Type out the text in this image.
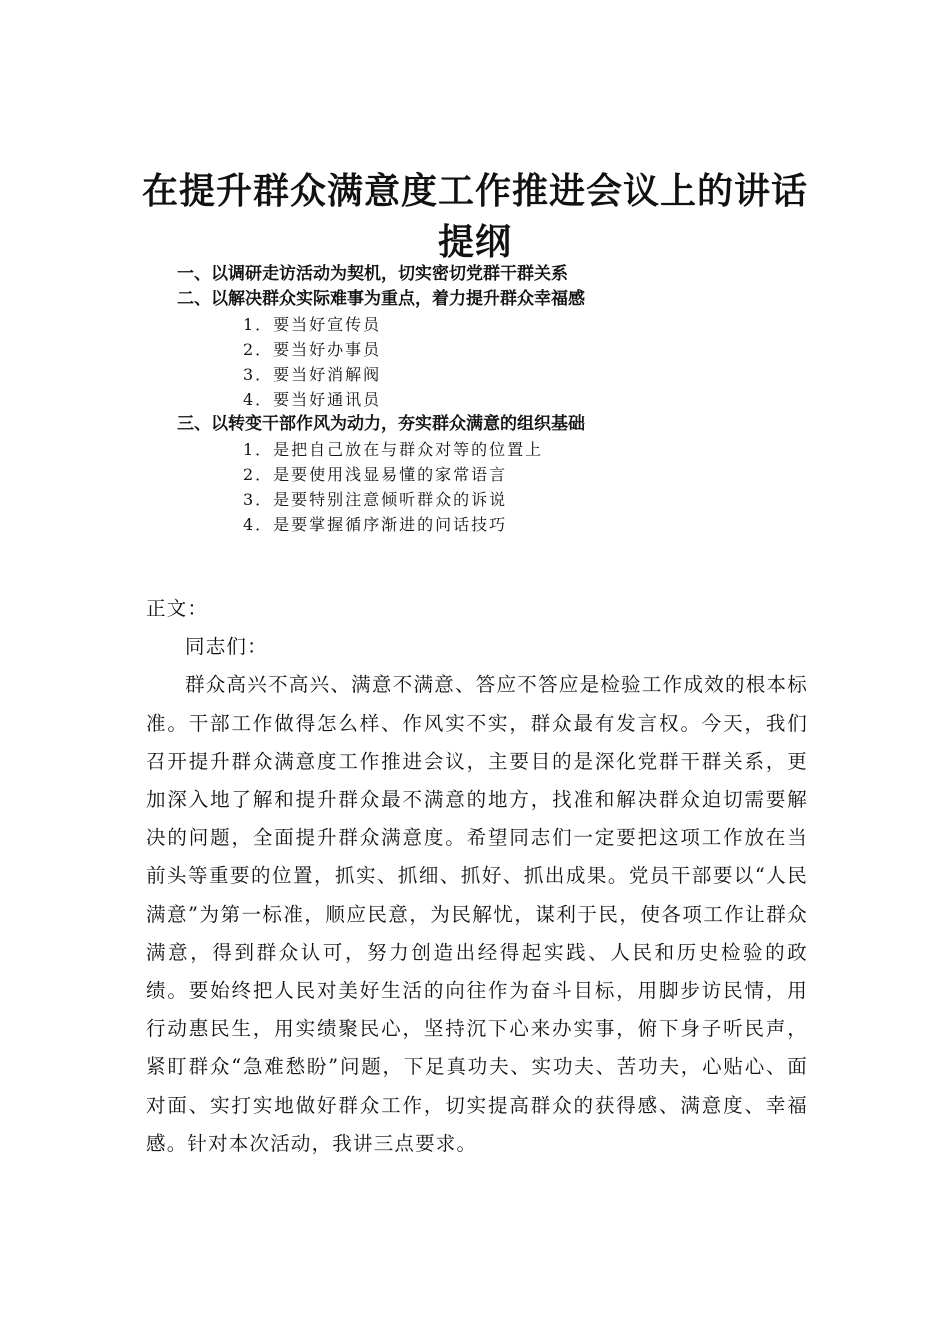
在提升群众满意度工作推进会议上的讲话
提纲
一、以调研走访活动为契机，切实密切党群干群关系
二、以解决群众实际难事为重点，着力提升群众幸福感
1．要当好宣传员
2．要当好办事员
3．要当好消解阀
4．要当好通讯员
三、以转变干部作风为动力，夯实群众满意的组织基础
1．是把自己放在与群众对等的位置上
2．是要使用浅显易懂的家常语言
3．是要特别注意倾听群众的诉说
4．是要掌握循序渐进的问话技巧

正文：

同志们：

群众高兴不高兴、满意不满意、答应不答应是检验工作成效的根本标准。干部工作做得怎么样、作风实不实，群众最有发言权。今天，我们召开提升群众满意度工作推进会议，主要目的是深化党群干群关系，更加深入地了解和提升群众最不满意的地方，找准和解决群众迫切需要解决的问题，全面提升群众满意度。希望同志们一定要把这项工作放在当前头等重要的位置，抓实、抓细、抓好、抓出成果。党员干部要以“人民满意”为第一标准，顺应民意，为民解忧，谋利于民，使各项工作让群众满意，得到群众认可，努力创造出经得起实践、人民和历史检验的政绩。要始终把人民对美好生活的向往作为奋斗目标，用脚步访民情，用行动惠民生，用实绩聚民心，坚持沉下心来办实事，俯下身子听民声，紧盯群众“急难愁盼”问题，下足真功夫、实功夫、苦功夫，心贴心、面对面、实打实地做好群众工作，切实提高群众的获得感、满意度、幸福感。针对本次活动，我讲三点要求。
